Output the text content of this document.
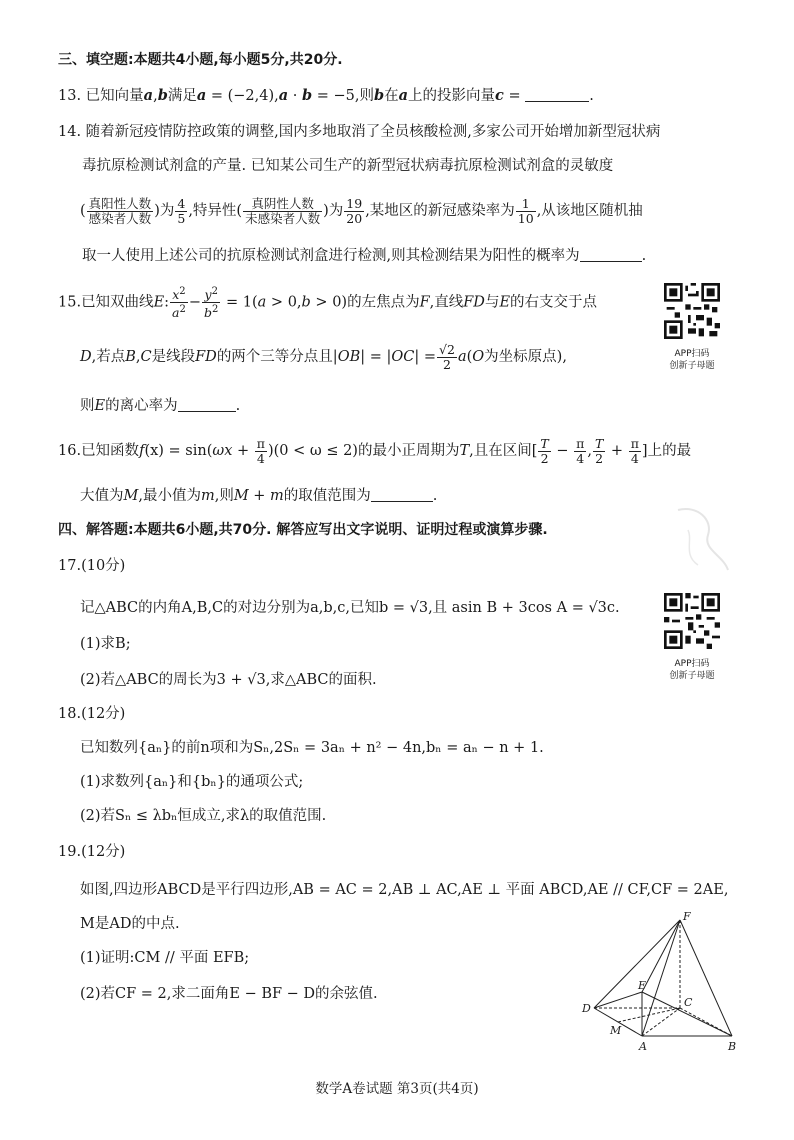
三、填空题:本题共4小题,每小题5分,共20分.
13. 已知向量a,b满足a = (−2,4),a · b = −5,则b在a上的投影向量c =	.
14. 随着新冠疫情防控政策的调整,国内多地取消了全员核酸检测,多家公司开始增加新型冠状病
毒抗原检测试剂盒的产量. 已知某公司生产的新型冠状病毒抗原检测试剂盒的灵敏度
( $\frac{\text{真阳性人数}}{\text{感染者人数}}$ )为 $\frac{4}{5}$ ,特异性( $\frac{\text{真阴性人数}}{\text{未感染者人数}}$ )为 $\frac{19}{20}$ ,某地区的新冠感染率为 $\frac{1}{10}$ ,从该地区随机抽
取一人使用上述公司的抗原检测试剂盒进行检测,则其检测结果为阳性的概率为	.
15.已知双曲线E: $\frac{x^2}{a^2} - \frac{y^2}{b^2} = 1(a > 0,b > 0)$的左焦点为F,直线FD与E的右支交于点
D,若点B,C是线段FD的两个三等分点且$|OB| = |OC| = \frac{√2}{2} a(O$为坐标原点),
则E的离心率为	.
APP扫码
创新子母题
16.已知函数$f(x) = \sin(\omega x + \frac{\pi}{4} )(0 < \omega \le 2)$的最小正周期为T,且在区间[ $\frac{T}{2} - \frac{\pi}{4}$ , $\frac{T}{2} + \frac{\pi}{4}$ ]上的最
大值为M,最小值为m,则M + m的取值范围为	.
四、解答题:本题共6小题,共70分. 解答应写出文字说明、证明过程或演算步骤.
17.(10分)
记△ABC的内角A,B,C的对边分别为a,b,c,已知b = √3,且 asin B + 3cos A = √3c.
(1)求B;
(2)若△ABC的周长为3 + √3,求△ABC的面积.
APP扫码
创新子母题
18.(12分)
已知数列{aₙ}的前n项和为Sₙ,2Sₙ = 3aₙ + n² − 4n,bₙ = aₙ − n + 1.
(1)求数列{aₙ}和{bₙ}的通项公式;
(2)若Sₙ ≤ λbₙ恒成立,求λ的取值范围.
19.(12分)
如图,四边形ABCD是平行四边形,AB = AC = 2,AB ⊥ AC,AE ⊥ 平面 ABCD,AE // CF,CF = 2AE,
M是AD的中点.
(1)证明:CM // 平面 EFB;
(2)若CF = 2,求二面角E − BF − D的余弦值.
F
E
C
D
M
A	B
数学A卷试题 第3页(共4页)
